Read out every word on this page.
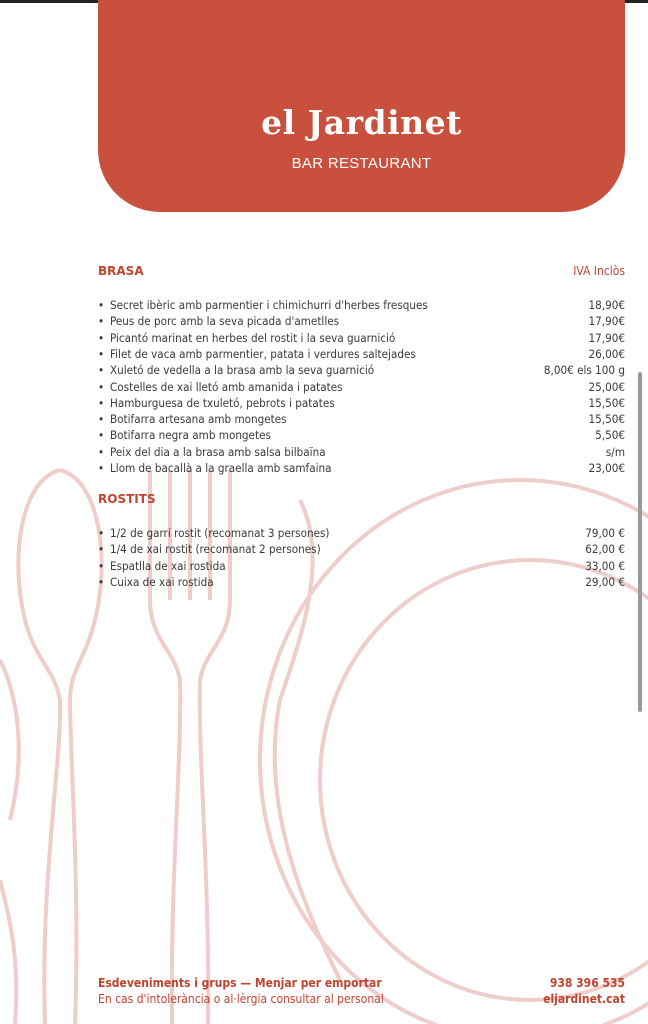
el Jardinet
BAR RESTAURANT
BRASA	IVA Inclòs
• Secret ibèric amb parmentier i chimichurri d'herbes fresques	18,90€
• Peus de porc amb la seva picada d'ametlles	17,90€
• Picantó marinat en herbes del rostit i la seva guarnició	17,90€
• Filet de vaca amb parmentier, patata i verdures saltejades	26,00€
• Xuletó de vedella a la brasa amb la seva guarnició	8,00€ els 100 g
• Costelles de xai lletó amb amanida i patates	25,00€
• Hamburguesa de txuletó, pebrots i patates	15,50€
• Botifarra artesana amb mongetes	15,50€
• Botifarra negra amb mongetes	5,50€
• Peix del dia a la brasa amb salsa bilbaïna	s/m
• Llom de bacallà a la graella amb samfaina	23,00€
ROSTITS
• 1/2 de garrí rostit (recomanat 3 persones)	79,00 €
• 1/4 de xai rostit (recomanat 2 persones)	62,00 €
• Espatlla de xai rostida	33,00 €
• Cuixa de xai rostida	29,00 €
Esdeveniments i grups — Menjar per emportar
En cas d'intolerància o al·lèrgia consultar al personal
938 396 535
eljardinet.cat
